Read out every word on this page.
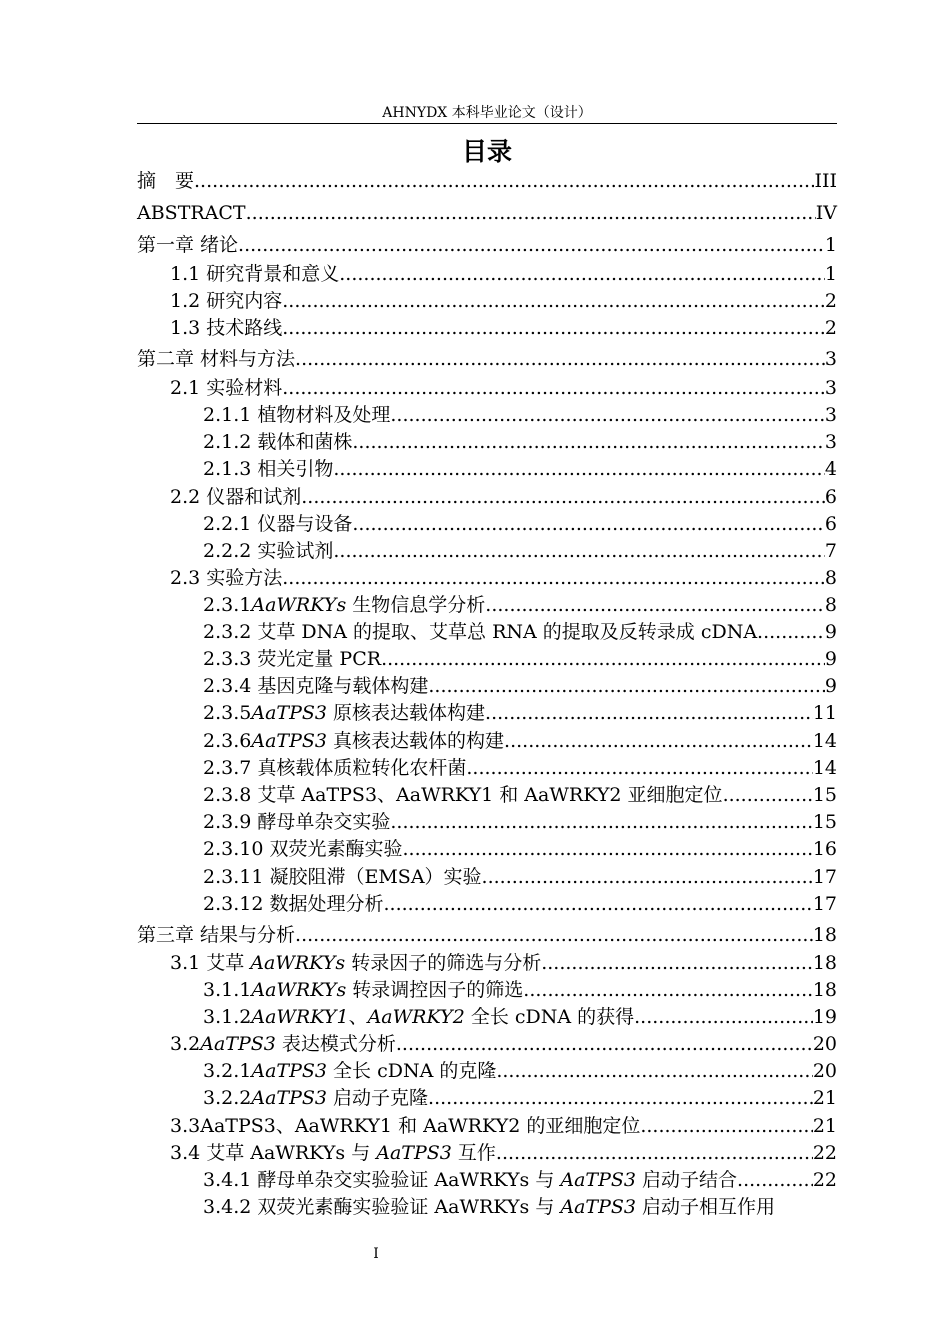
AHNYDX 本科毕业论文（设计）
目录
摘　要 .....	III
ABSTRACT .....	IV
第一章 绪论 .....	1
1.1 研究背景和意义 .....	1
1.2 研究内容 .....	2
1.3 技术路线 .....	2
第二章 材料与方法 .....	3
2.1 实验材料 .....	3
2.1.1 植物材料及处理 .....	3
2.1.2 载体和菌株 .....	3
2.1.3 相关引物 .....	4
2.2 仪器和试剂 .....	6
2.2.1 仪器与设备 .....	6
2.2.2 实验试剂 .....	7
2.3 实验方法 .....	8
2.3.1AaWRKYs 生物信息学分析 .....	8
2.3.2 艾草 DNA 的提取、艾草总 RNA 的提取及反转录成 cDNA .....	9
2.3.3 荧光定量 PCR .....	9
2.3.4 基因克隆与载体构建 .....	9
2.3.5AaTPS3 原核表达载体构建 .....	11
2.3.6AaTPS3 真核表达载体的构建 .....	14
2.3.7 真核载体质粒转化农杆菌 .....	14
2.3.8 艾草 AaTPS3、AaWRKY1 和 AaWRKY2 亚细胞定位 .....	15
2.3.9 酵母单杂交实验 .....	15
2.3.10 双荧光素酶实验 .....	16
2.3.11 凝胶阻滞（EMSA）实验 .....	17
2.3.12 数据处理分析 .....	17
第三章 结果与分析 .....	18
3.1 艾草 AaWRKYs 转录因子的筛选与分析 .....	18
3.1.1AaWRKYs 转录调控因子的筛选 .....	18
3.1.2AaWRKY1、AaWRKY2 全长 cDNA 的获得 .....	19
3.2AaTPS3 表达模式分析 .....	20
3.2.1AaTPS3 全长 cDNA 的克隆 .....	20
3.2.2AaTPS3 启动子克隆 .....	21
3.3AaTPS3、AaWRKY1 和 AaWRKY2 的亚细胞定位 .....	21
3.4 艾草 AaWRKYs 与 AaTPS3 互作 .....	22
3.4.1 酵母单杂交实验验证 AaWRKYs 与 AaTPS3 启动子结合 .....	22
3.4.2 双荧光素酶实验验证 AaWRKYs 与 AaTPS3 启动子相互作用
I
